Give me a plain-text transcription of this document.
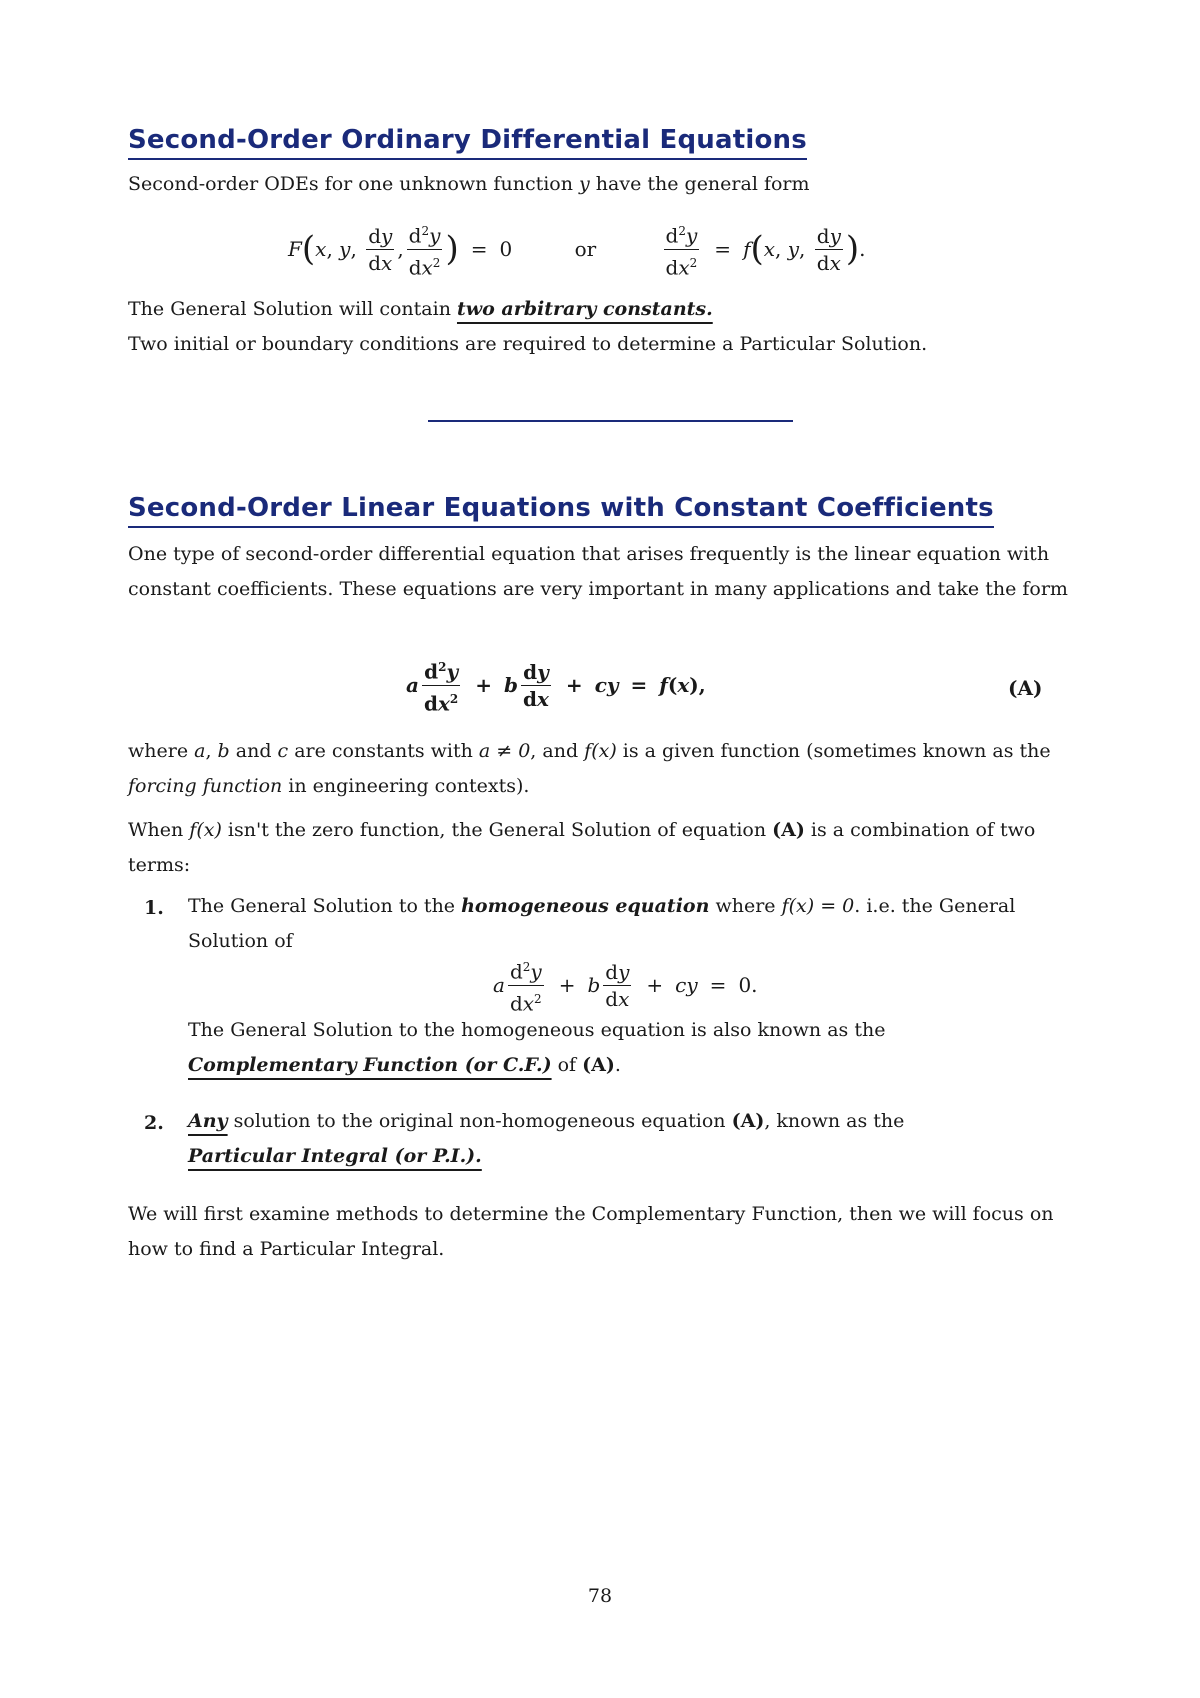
Second-Order Ordinary Differential Equations
Second-order ODEs for one unknown function y have the general form
F(x, y, $\frac{dy}{dx}$ , $\frac{d^2y}{dx^2}$ ) = 0	or	$\frac{d^2y}{dx^2} = f(x$, y, $\frac{dy}{dx}$ ).
The General Solution will contain two arbitrary constants.
Two initial or boundary conditions are required to determine a Particular Solution.
Second-Order Linear Equations with Constant Coefficients
One type of second-order differential equation that arises frequently is the linear equation with constant coefficients. These equations are very important in many applications and take the form
a $\frac{d^2y}{dx^2} + b \frac{dy}{dx}$ + cy = f(x),	(A)
where a, b and c are constants with a ≠ 0, and f(x) is a given function (sometimes known as the forcing function in engineering contexts).
When f(x) isn't the zero function, the General Solution of equation (A) is a combination of two terms:
1. The General Solution to the homogeneous equation where f(x) = 0. i.e. the General Solution of
a $\frac{d^2y}{dx^2} + b \frac{dy}{dx}$ + cy = 0.
The General Solution to the homogeneous equation is also known as the
Complementary Function (or C.F.) of (A).
2. Any solution to the original non-homogeneous equation (A), known as the
Particular Integral (or P.I.).
We will first examine methods to determine the Complementary Function, then we will focus on how to find a Particular Integral.
78
